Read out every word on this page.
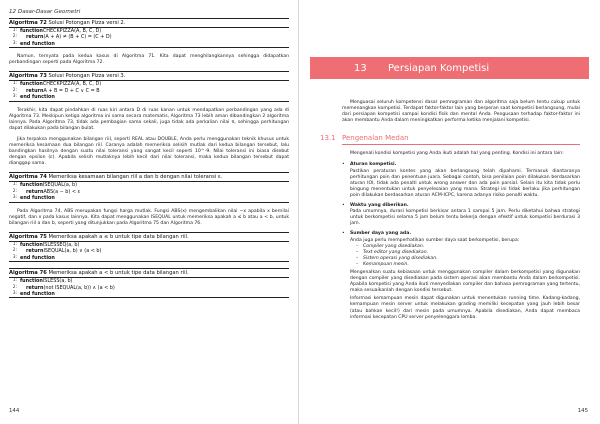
12 Dasar-Dasar Geometri
Algoritma 72 Solusi Potongan Pizza versi 2.
1: function CHECKPIZZA(A, B, C, D)
2: return (A + A) ≠ (B + C) = (C + D)
3: end function

Namun, ternyata pada kedua kasus di Algoritma 71. Kita dapat menghilangkannya sehingga didapatkan perbandingan seperti pada Algoritma 72.

Algoritma 73 Solusi Potongan Pizza versi 3.
1: function CHECKPIZZA(A, B, C, D)
2: return A + B = D + C ∨ C = B
3: end function

Terakhir, kita dapat pindahkan di ruas kiri antara D di ruas kanan untuk mendapatkan perbandingan yang ada di Algoritma 73. Meskipun ketiga algoritma ini sama secara matematis, Algoritma 73 lebih aman dibandingkan 2 algoritma lainnya. Pada Algoritma 73, tidak ada pembagian sama sekali, juga tidak ada perkalian nilai π, sehingga perhitungan dapat dilakukan pada bilangan bulat.

Jika terpaksa menggunakan bilangan riil, seperti REAL atau DOUBLE, Anda perlu menggunakan teknik khusus untuk memeriksa kesamaan dua bilangan riil. Caranya adalah memeriksa selisih mutlak dari kedua bilangan tersebut, lalu bandingkan hasilnya dengan suatu nilai toleransi yang sangat kecil seperti 10^-9. Nilai toleransi ini biasa disebut dengan epsilon (ε). Apabila selisih mutlaknya lebih kecil dari nilai toleransi, maka kedua bilangan tersebut dapat dianggap sama.

Algoritma 74 Memeriksa kesamaan bilangan riil a dan b dengan nilai toleransi ε.
1: function ISEQUAL(a, b)
2: return ABS(a − b) < ε
3: end function

Pada Algoritma 74, ABS merupakan fungsi harga mutlak. Fungsi ABS(x) mengembalikan nilai −x apabila x bernilai negatif, dan x pada kasus lainnya. Kita dapat menggunakan ISEQUAL untuk memeriksa apakah a ≤ b atau a < b, untuk bilangan riil a dan b, seperti yang ditunjukkan pada Algoritma 75 dan Algoritma 76.

Algoritma 75 Memeriksa apakah a ≤ b untuk tipe data bilangan riil.
1: function ISLESSEQ(a, b)
2: return ISEQUAL(a, b) ∨ (a < b)
3: end function
Algoritma 76 Memeriksa apakah a < b untuk tipe data bilangan riil.
1: function ISLESS(a, b)
2: return (not ISEQUAL(a, b)) ∧ (a < b)
3: end function
144
13	Persiapan Kompetisi

Menguasai seluruh kompetensi dasar pemrograman dan algoritma saja belum tentu cukup untuk memenangkan kompetisi. Terdapat faktor-faktor lain yang berperan saat kompetisi berlangsung, mulai dari persiapan kompetisi sampai kondisi fisik dan mental Anda. Pengusaan terhadap faktor-faktor ini akan membantu Anda dalam meningkatkan performa ketika menjalani kompetisi.

13.1 Pengenalan Medan

Mengenali kondisi kompetisi yang Anda ikuti adalah hal yang penting. Kondisi ini antara lain:

•	Aturan kompetisi.
Pastikan peraturan kontes yang akan berlangsung telah dipahami. Termasuk diantaranya perhitungan poin dan penentuan juara. Sebagai contoh, bisa penilaian poin dilakukan berdasarkan aturan IOI, tidak ada penalti untuk wrong answer dan ada poin parsial. Selain itu kita tidak perlu bingung menentukan untuk penyelesaian yang mana. Strategi ini tidak berlaku jika perhitungan poin dilakukan berdasarkan aturan ACM-ICPC, karena adanya risiko penalti waktu.
•	Waktu yang diberikan.
Pada umumnya, durasi kompetisi berkisar antara 1 sampai 5 jam. Perlu diketahui bahwa strategi untuk berkompetisi selama 5 jam belum tentu bekerja dengan efektif untuk kompetisi berdurasi 3 jam.
•	Sumber daya yang ada.
Anda juga perlu memperhatikan sumber daya saat berkompetisi, berupa:
–	Compiler yang disediakan.
–	Text editor yang disediakan.
–	Sistem operasi yang disediakan.
–	Kemampuan mesin.
Mengenalkan suatu kebiasaan untuk menggunakan compiler dalam berkompetisi yang digunakan dengan compiler yang disediakan pada sistem operasi akan membantu Anda dalam berkompetisi. Apabila kompetisi yang Anda ikuti menyediakan compiler dan bahasa pemrograman yang tertentu, maka sesuaikanlah dengan kondisi tersebut.
Informasi kemampuan mesin dapat digunakan untuk menentukan running time. Kadang-kadang, kemampuan mesin server untuk melakukan grading memiliki kecepatan yang jauh lebih besar (atau bahkan kecil!) dari mesin pada umumnya. Apabila disediakan, Anda dapat membaca informasi kecepatan CPU server penyelenggara lomba.
145
